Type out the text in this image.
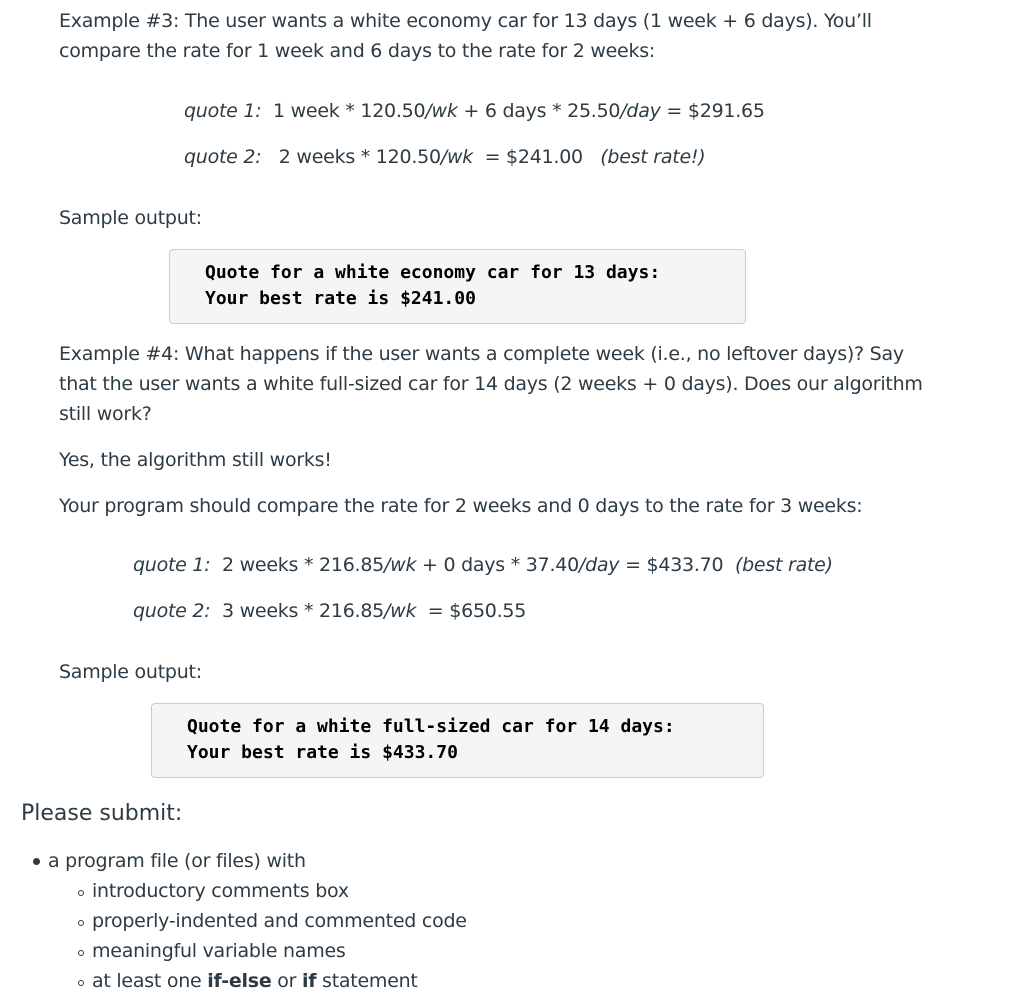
Example #3: The user wants a white economy car for 13 days (1 week + 6 days). You’ll
compare the rate for 1 week and 6 days to the rate for 2 weeks:
quote 1: 1 week * 120.50/wk + 6 days * 25.50/day = $291.65
quote 2: 2 weeks * 120.50/wk  = $241.00 (best rate!)
Sample output:
Quote for a white economy car for 13 days:
Your best rate is $241.00
Example #4: What happens if the user wants a complete week (i.e., no leftover days)? Say
that the user wants a white full-sized car for 14 days (2 weeks + 0 days). Does our algorithm
still work?
Yes, the algorithm still works!
Your program should compare the rate for 2 weeks and 0 days to the rate for 3 weeks:
quote 1: 2 weeks * 216.85/wk + 0 days * 37.40/day = $433.70 (best rate)
quote 2: 3 weeks * 216.85/wk  = $650.55
Sample output:
Quote for a white full-sized car for 14 days:
Your best rate is $433.70
Please submit:
a program file (or files) with
introductory comments box
properly-indented and commented code
meaningful variable names
at least one if-else or if statement
